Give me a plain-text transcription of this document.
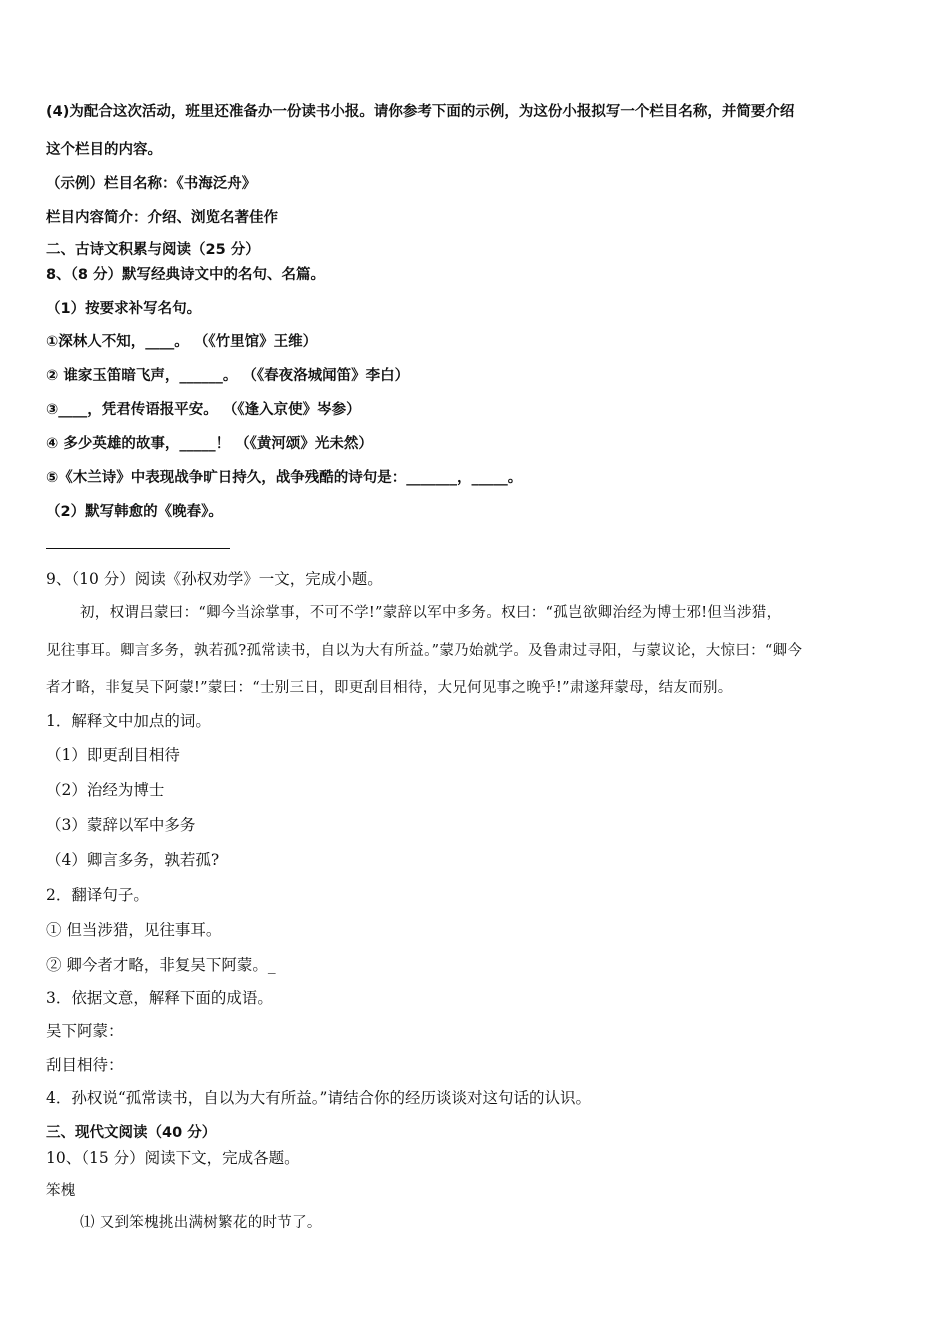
(4)为配合这次活动，班里还准备办一份读书小报。请你参考下面的示例，为这份小报拟写一个栏目名称，并简要介绍
这个栏目的内容。
（示例）栏目名称：《书海泛舟》
栏目内容简介：介绍、浏览名著佳作
二、古诗文积累与阅读（25 分）
8、（8 分）默写经典诗文中的名句、名篇。
（1）按要求补写名句。
①深林人不知，____。 （《竹里馆》王维）
② 谁家玉笛暗飞声，______。 （《春夜洛城闻笛》李白）
③____，凭君传语报平安。 （《逢入京使》岑参）
④ 多少英雄的故事，_____！ （《黄河颂》光未然）
⑤《木兰诗》中表现战争旷日持久，战争残酷的诗句是：_______，_____。
（2）默写韩愈的《晚春》。
9、（10 分）阅读《孙权劝学》一文，完成小题。
初，权谓吕蒙曰：“卿今当涂掌事，不可不学!”蒙辞以军中多务。权曰：“孤岂欲卿治经为博士邪!但当涉猎，
见往事耳。卿言多务，孰若孤?孤常读书，自以为大有所益。”蒙乃始就学。及鲁肃过寻阳，与蒙议论，大惊曰：“卿今
者才略，非复吴下阿蒙!”蒙曰：“士别三日，即更刮目相待，大兄何见事之晚乎!”肃遂拜蒙母，结友而别。
1．解释文中加点的词。
（1）即更刮目相待
（2）治经为博士
（3）蒙辞以军中多务
（4）卿言多务，孰若孤?
2．翻译句子。
① 但当涉猎，见往事耳。
② 卿今者才略，非复吴下阿蒙。_
3．依据文意，解释下面的成语。
吴下阿蒙：
刮目相待：
4．孙权说“孤常读书，自以为大有所益。”请结合你的经历谈谈对这句话的认识。
三、现代文阅读（40 分）
10、（15 分）阅读下文，完成各题。
笨槐
⑴ 又到笨槐挑出满树繁花的时节了。
